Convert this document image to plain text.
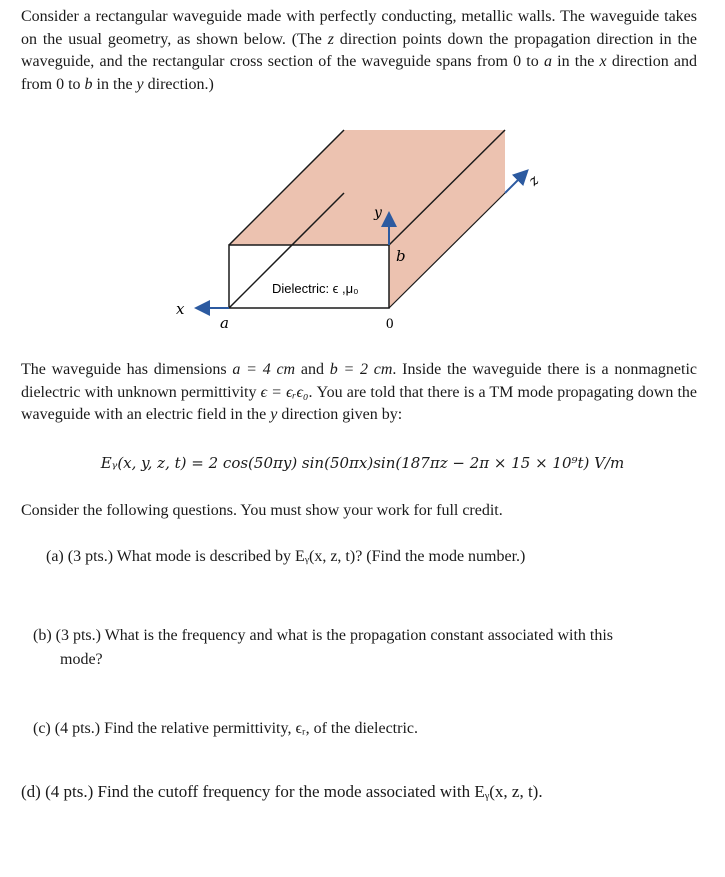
Consider a rectangular waveguide made with perfectly conducting, metallic walls. The waveguide takes on the usual geometry, as shown below. (The z direction points down the propagation direction in the waveguide, and the rectangular cross section of the waveguide spans from 0 to a in the x direction and from 0 to b in the y direction.)
Dielectric: ϵ ,μ₀
x
y
z
a
b
0
The waveguide has dimensions a = 4 cm and b = 2 cm. Inside the waveguide there is a nonmagnetic dielectric with unknown permittivity ϵ = ϵᵣϵ₀. You are told that there is a TM mode propagating down the waveguide with an electric field in the y direction given by:
Eᵧ(x, y, z, t) = 2 cos(50πy) sin(50πx)sin(187πz − 2π × 15 × 10⁹t) V/m
Consider the following questions. You must show your work for full credit.
(a) (3 pts.) What mode is described by Eᵧ(x, z, t)? (Find the mode number.)
(b) (3 pts.) What is the frequency and what is the propagation constant associated with this
mode?
(c) (4 pts.) Find the relative permittivity, ϵᵣ, of the dielectric.
(d) (4 pts.) Find the cutoff frequency for the mode associated with Eᵧ(x, z, t).
